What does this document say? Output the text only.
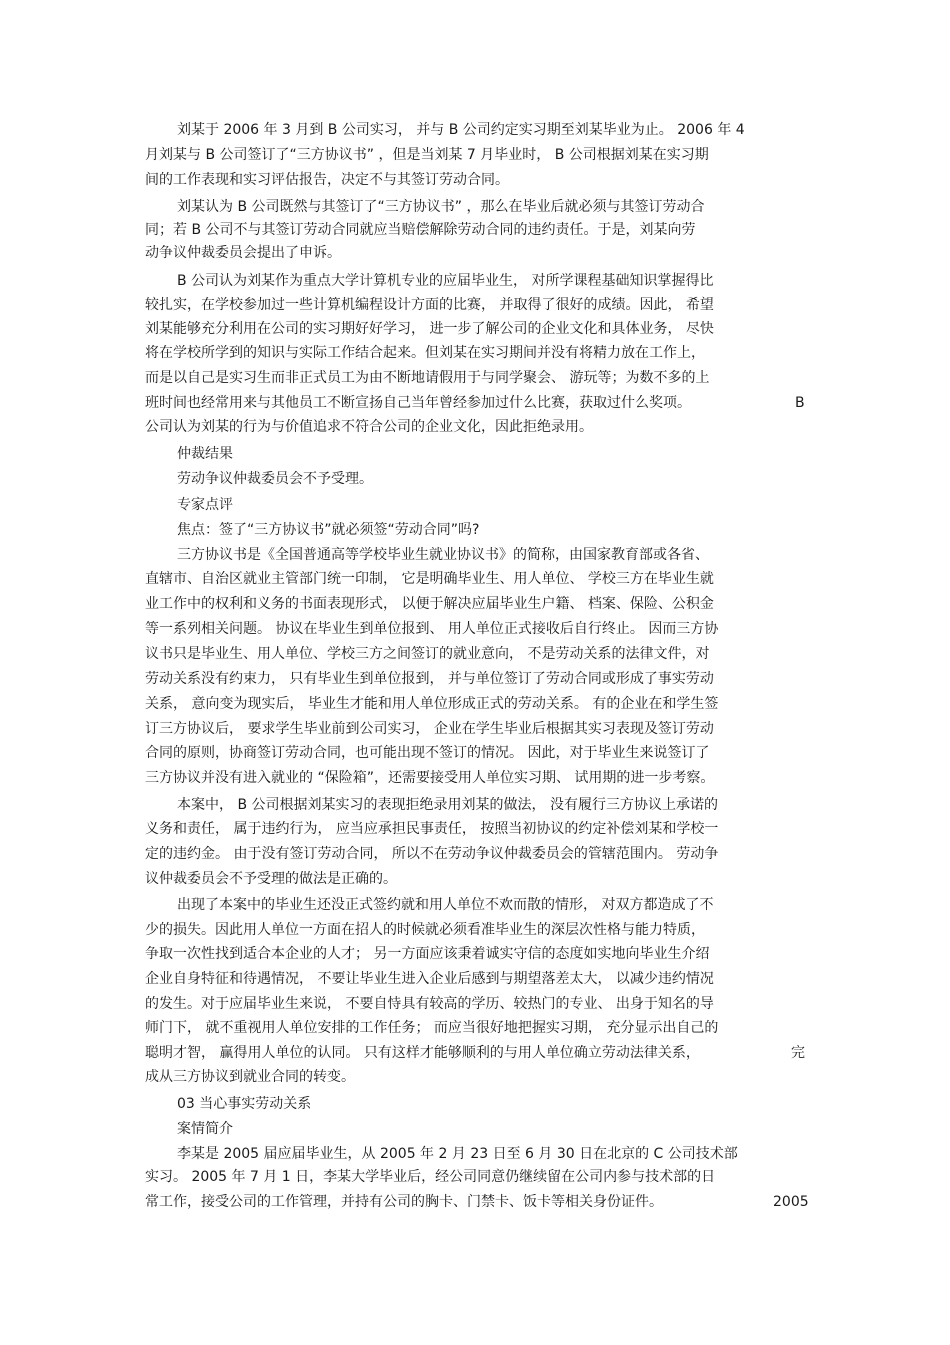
刘某于 2006 年 3 月到 B 公司实习， 并与 B 公司约定实习期至刘某毕业为止。 2006 年 4
月刘某与 B 公司签订了“三方协议书” ，但是当刘某 7 月毕业时， B 公司根据刘某在实习期
间的工作表现和实习评估报告，决定不与其签订劳动合同。
刘某认为 B 公司既然与其签订了“三方协议书” ，那么在毕业后就必须与其签订劳动合
同；若 B 公司不与其签订劳动合同就应当赔偿解除劳动合同的违约责任。于是，刘某向劳
动争议仲裁委员会提出了申诉。
B 公司认为刘某作为重点大学计算机专业的应届毕业生， 对所学课程基础知识掌握得比
较扎实，在学校参加过一些计算机编程设计方面的比赛， 并取得了很好的成绩。因此， 希望
刘某能够充分利用在公司的实习期好好学习， 进一步了解公司的企业文化和具体业务， 尽快
将在学校所学到的知识与实际工作结合起来。但刘某在实习期间并没有将精力放在工作上，
而是以自己是实习生而非正式员工为由不断地请假用于与同学聚会、 游玩等；为数不多的上
班时间也经常用来与其他员工不断宣扬自己当年曾经参加过什么比赛，获取过什么奖项。	B
公司认为刘某的行为与价值追求不符合公司的企业文化，因此拒绝录用。
仲裁结果
劳动争议仲裁委员会不予受理。
专家点评
焦点：签了“三方协议书”就必须签“劳动合同”吗?
三方协议书是《全国普通高等学校毕业生就业协议书》的简称，由国家教育部或各省、
直辖市、自治区就业主管部门统一印制， 它是明确毕业生、用人单位、 学校三方在毕业生就
业工作中的权利和义务的书面表现形式， 以便于解决应届毕业生户籍、 档案、保险、公积金
等一系列相关问题。 协议在毕业生到单位报到、 用人单位正式接收后自行终止。 因而三方协
议书只是毕业生、用人单位、学校三方之间签订的就业意向， 不是劳动关系的法律文件，对
劳动关系没有约束力， 只有毕业生到单位报到， 并与单位签订了劳动合同或形成了事实劳动
关系， 意向变为现实后， 毕业生才能和用人单位形成正式的劳动关系。 有的企业在和学生签
订三方协议后， 要求学生毕业前到公司实习， 企业在学生毕业后根据其实习表现及签订劳动
合同的原则，协商签订劳动合同，也可能出现不签订的情况。 因此，对于毕业生来说签订了
三方协议并没有进入就业的 “保险箱”，还需要接受用人单位实习期、 试用期的进一步考察。
本案中， B 公司根据刘某实习的表现拒绝录用刘某的做法， 没有履行三方协议上承诺的
义务和责任， 属于违约行为， 应当应承担民事责任， 按照当初协议的约定补偿刘某和学校一
定的违约金。 由于没有签订劳动合同， 所以不在劳动争议仲裁委员会的管辖范围内。 劳动争
议仲裁委员会不予受理的做法是正确的。
出现了本案中的毕业生还没正式签约就和用人单位不欢而散的情形， 对双方都造成了不
少的损失。因此用人单位一方面在招人的时候就必须看准毕业生的深层次性格与能力特质，
争取一次性找到适合本企业的人才； 另一方面应该秉着诚实守信的态度如实地向毕业生介绍
企业自身特征和待遇情况， 不要让毕业生进入企业后感到与期望落差太大， 以减少违约情况
的发生。对于应届毕业生来说， 不要自恃具有较高的学历、较热门的专业、 出身于知名的导
师门下， 就不重视用人单位安排的工作任务； 而应当很好地把握实习期， 充分显示出自己的
聪明才智， 赢得用人单位的认同。 只有这样才能够顺利的与用人单位确立劳动法律关系，	完
成从三方协议到就业合同的转变。
03 当心事实劳动关系
案情简介
李某是 2005 届应届毕业生，从 2005 年 2 月 23 日至 6 月 30 日在北京的 C 公司技术部
实习。 2005 年 7 月 1 日，李某大学毕业后，经公司同意仍继续留在公司内参与技术部的日
常工作，接受公司的工作管理，并持有公司的胸卡、门禁卡、饭卡等相关身份证件。	2005
